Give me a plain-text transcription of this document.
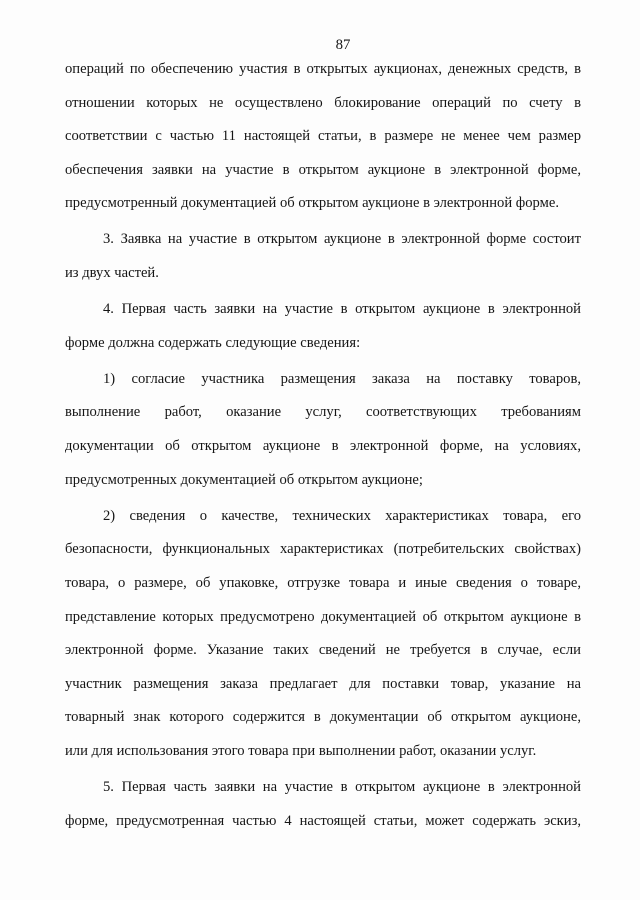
87
операций по обеспечению участия в открытых аукционах, денежных средств, в
отношении которых не осуществлено блокирование операций по счету в
соответствии с частью 11 настоящей статьи, в размере не менее чем размер
обеспечения заявки на участие в открытом аукционе в электронной форме,
предусмотренный документацией об открытом аукционе в электронной форме.
3. Заявка на участие в открытом аукционе в электронной форме состоит
из двух частей.
4. Первая часть заявки на участие в открытом аукционе в электронной
форме должна содержать следующие сведения:
1) согласие участника размещения заказа на поставку товаров,
выполнение работ, оказание услуг, соответствующих требованиям
документации об открытом аукционе в электронной форме, на условиях,
предусмотренных документацией об открытом аукционе;
2) сведения о качестве, технических характеристиках товара, его
безопасности, функциональных характеристиках (потребительских свойствах)
товара, о размере, об упаковке, отгрузке товара и иные сведения о товаре,
представление которых предусмотрено документацией об открытом аукционе в
электронной форме. Указание таких сведений не требуется в случае, если
участник размещения заказа предлагает для поставки товар, указание на
товарный знак которого содержится в документации об открытом аукционе,
или для использования этого товара при выполнении работ, оказании услуг.
5. Первая часть заявки на участие в открытом аукционе в электронной
форме, предусмотренная частью 4 настоящей статьи, может содержать эскиз,
